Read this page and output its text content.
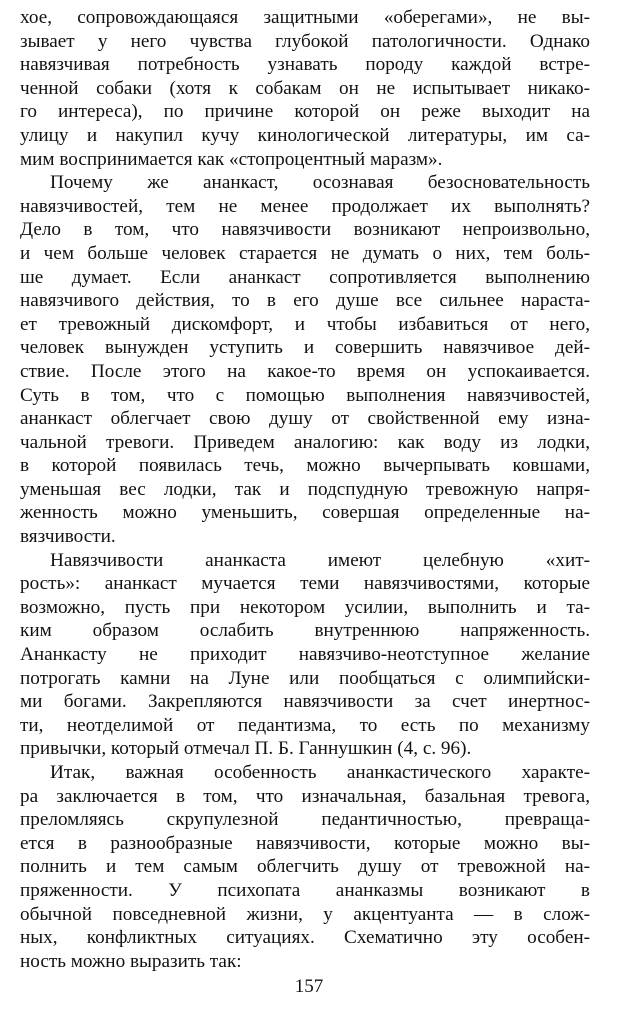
хое, сопровождающаяся защитными «оберегами», не вы-
зывает у него чувства глубокой патологичности. Однако
навязчивая потребность узнавать породу каждой встре-
ченной собаки (хотя к собакам он не испытывает никако-
го интереса), по причине которой он реже выходит на
улицу и накупил кучу кинологической литературы, им са-
мим воспринимается как «стопроцентный маразм».
Почему же ананкаст, осознавая безосновательность
навязчивостей, тем не менее продолжает их выполнять?
Дело в том, что навязчивости возникают непроизвольно,
и чем больше человек старается не думать о них, тем боль-
ше думает. Если ананкаст сопротивляется выполнению
навязчивого действия, то в его душе все сильнее нараста-
ет тревожный дискомфорт, и чтобы избавиться от него,
человек вынужден уступить и совершить навязчивое дей-
ствие. После этого на какое-то время он успокаивается.
Суть в том, что с помощью выполнения навязчивостей,
ананкаст облегчает свою душу от свойственной ему изна-
чальной тревоги. Приведем аналогию: как воду из лодки,
в которой появилась течь, можно вычерпывать ковшами,
уменьшая вес лодки, так и подспудную тревожную напря-
женность можно уменьшить, совершая определенные на-
вязчивости.
Навязчивости ананкаста имеют целебную «хит-
рость»: ананкаст мучается теми навязчивостями, которые
возможно, пусть при некотором усилии, выполнить и та-
ким образом ослабить внутреннюю напряженность.
Ананкасту не приходит навязчиво-неотступное желание
потрогать камни на Луне или пообщаться с олимпийски-
ми богами. Закрепляются навязчивости за счет инертнос-
ти, неотделимой от педантизма, то есть по механизму
привычки, который отмечал П. Б. Ганнушкин (4, с. 96).
Итак, важная особенность ананкастического характе-
ра заключается в том, что изначальная, базальная тревога,
преломляясь скрупулезной педантичностью, превраща-
ется в разнообразные навязчивости, которые можно вы-
полнить и тем самым облегчить душу от тревожной на-
пряженности. У психопата ананказмы возникают в
обычной повседневной жизни, у акцентуанта — в слож-
ных, конфликтных ситуациях. Схематично эту особен-
ность можно выразить так:
157
